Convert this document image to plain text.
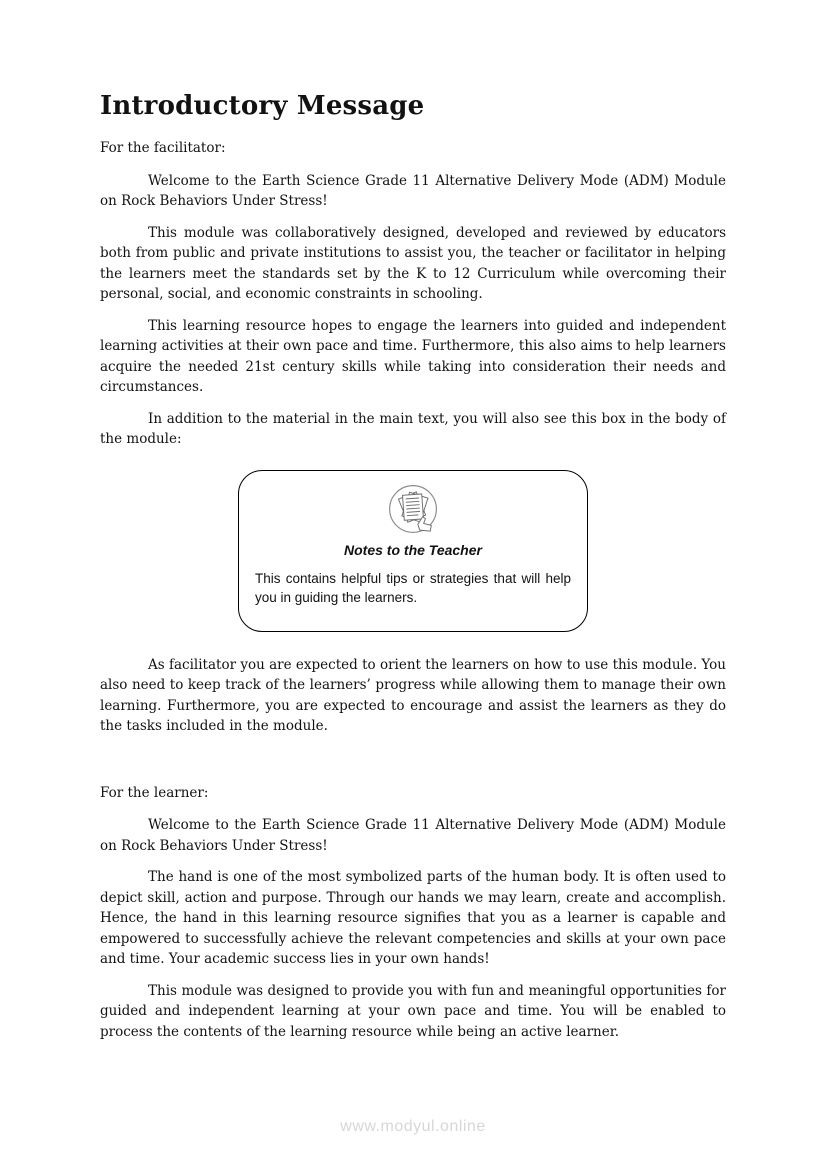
Introductory Message
For the facilitator:

Welcome to the Earth Science Grade 11 Alternative Delivery Mode (ADM) Module on Rock Behaviors Under Stress!

This module was collaboratively designed, developed and reviewed by educators both from public and private institutions to assist you, the teacher or facilitator in helping the learners meet the standards set by the K to 12 Curriculum while overcoming their personal, social, and economic constraints in schooling.

This learning resource hopes to engage the learners into guided and independent learning activities at their own pace and time. Furthermore, this also aims to help learners acquire the needed 21st century skills while taking into consideration their needs and circumstances.

In addition to the material in the main text, you will also see this box in the body of the module:

Notes to the Teacher

This contains helpful tips or strategies that will help you in guiding the learners.

As facilitator you are expected to orient the learners on how to use this module. You also need to keep track of the learners’ progress while allowing them to manage their own learning. Furthermore, you are expected to encourage and assist the learners as they do the tasks included in the module.

For the learner:

Welcome to the Earth Science Grade 11 Alternative Delivery Mode (ADM) Module on Rock Behaviors Under Stress!

The hand is one of the most symbolized parts of the human body. It is often used to depict skill, action and purpose. Through our hands we may learn, create and accomplish. Hence, the hand in this learning resource signifies that you as a learner is capable and empowered to successfully achieve the relevant competencies and skills at your own pace and time. Your academic success lies in your own hands!

This module was designed to provide you with fun and meaningful opportunities for guided and independent learning at your own pace and time. You will be enabled to process the contents of the learning resource while being an active learner.

www.modyul.online
